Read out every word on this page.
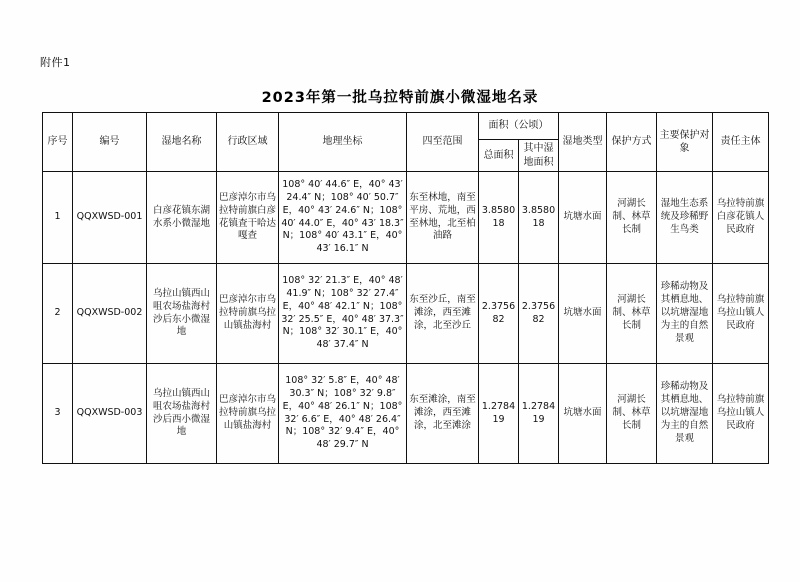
附件1
2023年第一批乌拉特前旗小微湿地名录
序号	编号	湿地名称	行政区域	地理坐标	四至范围	面积（公顷）		湿地类型	保护方式	主要保护对象	责任主体
						总面积	其中湿地面积				
1	QQXWSD-001	白彦花镇东湖水系小微湿地	巴彦淖尔市乌拉特前旗白彦花镇査干哈达嘎查	108° 40′ 44.6″ E，40° 43′ 24.4″ N；108° 40′ 50.7″ E，40° 43′ 24.6″ N；108° 40′ 44.0″ E，40° 43′ 18.3″ N；108° 40′ 43.1″ E，40° 43′ 16.1″ N	东至林地，南至平房、荒地，西至林地，北至柏油路	3.858018	3.858018	坑塘水面	河湖长制、林草长制	湿地生态系统及珍稀野生鸟类	乌拉特前旗白彦花镇人民政府
2	QQXWSD-002	乌拉山镇西山咀农场盐海村沙后东小微湿地	巴彦淖尔市乌拉特前旗乌拉山镇盐海村	108° 32′ 21.3″ E，40° 48′ 41.9″ N；108° 32′ 27.4″ E，40° 48′ 42.1″ N；108° 32′ 25.5″ E，40° 48′ 37.3″ N；108° 32′ 30.1″ E，40° 48′ 37.4″ N	东至沙丘，南至滩涂，西至滩涂，北至沙丘	2.375682	2.375682	坑塘水面	河湖长制、林草长制	珍稀动物及其栖息地、以坑塘湿地为主的自然景观	乌拉特前旗乌拉山镇人民政府
3	QQXWSD-003	乌拉山镇西山咀农场盐海村沙后西小微湿地	巴彦淖尔市乌拉特前旗乌拉山镇盐海村	108° 32′ 5.8″ E，40° 48′ 30.3″ N；108° 32′ 9.8″ E，40° 48′ 26.1″ N；108° 32′ 6.6″ E，40° 48′ 26.4″ N；108° 32′ 9.4″ E，40° 48′ 29.7″ N	东至滩涂，南至滩涂，西至滩涂，北至滩涂	1.278419	1.278419	坑塘水面	河湖长制、林草长制	珍稀动物及其栖息地、以坑塘湿地为主的自然景观	乌拉特前旗乌拉山镇人民政府
